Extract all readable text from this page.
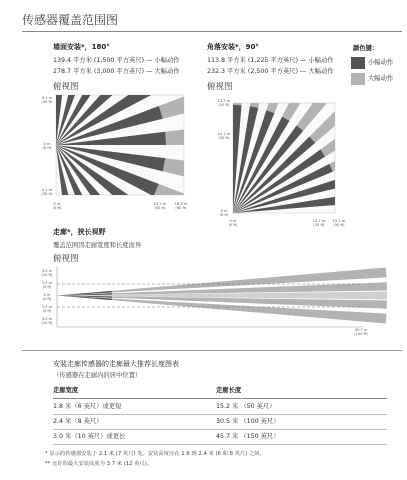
传感器覆盖范围图
墙面安装*，180°
139.4 平方米 (1,500 平方英尺) — 小幅动作
278.7 平方米 (3,000 平方英尺) — 大幅动作
俯视图
9.1 m
(30 ft)
0 m
(0 ft)
9.1 m
(30 ft)
0 m
(0 ft)
15.2 m
(50 ft)
18.3 m
(60 ft)
角落安装*，90°
113.8 平方米 (1,225 平方英尺) — 小幅动作
232.3 平方米 (2,500 平方英尺) — 大幅动作
俯视图
15.2 m
(50 ft)
10.7 m
(35 ft)
0 m
(0 ft)
0 m
(0 ft)
10.7 m
(35 ft)
15.2 m
(50 ft)
颜色键：
小幅动作
大幅动作
走廊*，狭长视野
覆盖范围因走廊宽度和长度而异
俯视图
3.0 m
(10 ft)
1.5 m
(5 ft)
0 m
(0 ft)
1.5 m
(5 ft)
3.0 m
(10 ft)
45.7 m
(150 ft)
安装走廊传感器的走廊最大推荐长度图表
（传感器在走廊内的居中位置）
走廊宽度	走廊长度
1.8 米（6 英尺）或更短	15.2 米 （50 英尺）
2.4 米（8 英尺）	30.5 米 （100 英尺）
3.0 米（10 英尺）或更长	45.7 米 （150 英尺）
* 显示的传感器安装于 2.1 米 (7 英尺) 处。安装高度应在 1.6 到 2.4 米 (6 和 8 英尺) 之间。
** 允许的最大安装高度为 3.7 米 (12 英尺)。
